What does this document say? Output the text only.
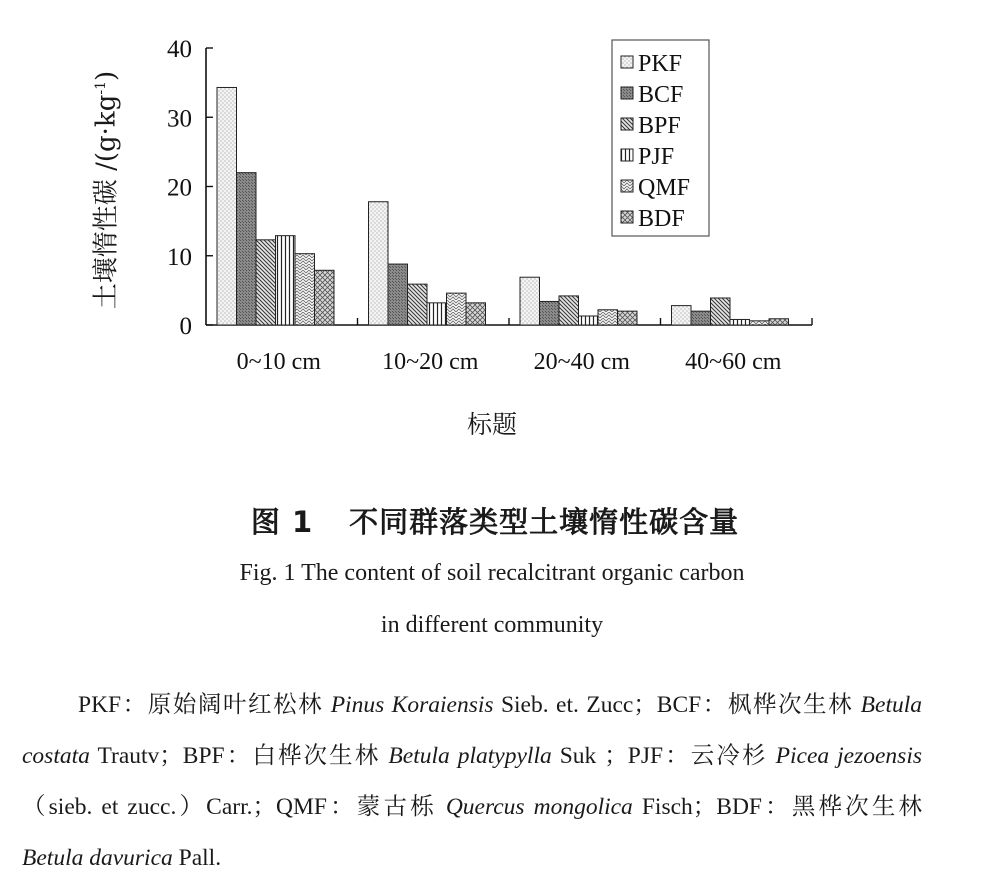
0
10
20
30
40
0~10 cm	10~20 cm 20~40 cm 40~60 cm
PKF
BCF
BPF
PJF
QMF
BDF
土壤惰性碳 $/(g\cdot kg^{-1})$
标题
图 1 不同群落类型土壤惰性碳含量
Fig. 1 The content of soil recalcitrant organic carbon
in different community
PKF：原始阔叶红松林 Pinus Koraiensis Sieb. et. Zucc；BCF：枫桦次生林 Betula costata Trautv；BPF：白桦次生林 Betula platypylla Suk ；PJF：云冷杉 Picea jezoensis（sieb. et zucc.）Carr.；QMF：蒙古栎 Quercus mongolica Fisch；BDF：黑桦次生林 Betula davurica Pall.
